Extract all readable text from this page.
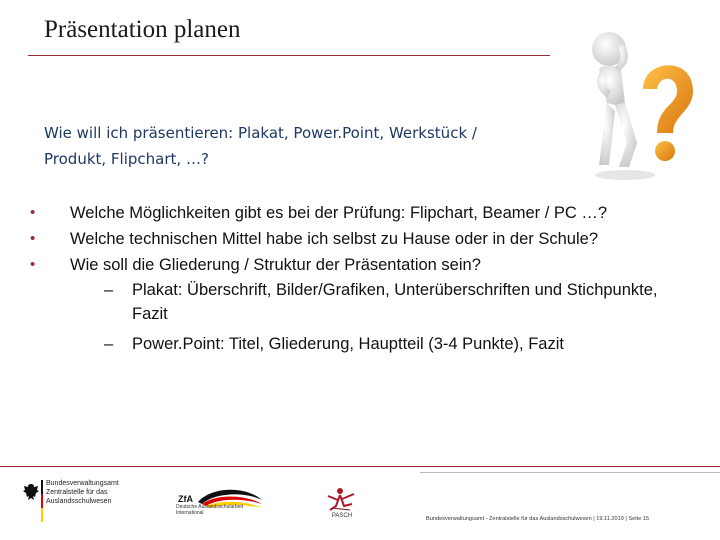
Präsentation planen
Wie will ich präsentieren: Plakat, Power.Point, Werkstück /
Produkt, Flipchart, …?
•	Welche Möglichkeiten gibt es bei der Prüfung: Flipchart, Beamer / PC …?
•	Welche technischen Mittel habe ich selbst zu Hause oder in der Schule?
•	Wie soll die Gliederung / Struktur der Präsentation sein?
–	Plakat: Überschrift, Bilder/Grafiken, Unterüberschriften und Stichpunkte,
Fazit
–	Power.Point: Titel, Gliederung, Hauptteil (3-4 Punkte), Fazit
Bundesverwaltungsamt
Zentralstelle für das
Auslandsschulwesen	ZfA
Deutsche Auslandsschularbeit
International	PASCH	Bundesverwaltungsamt - Zentralstelle für das Auslandsschulwesen | 19.11.2019 | Seite 15
